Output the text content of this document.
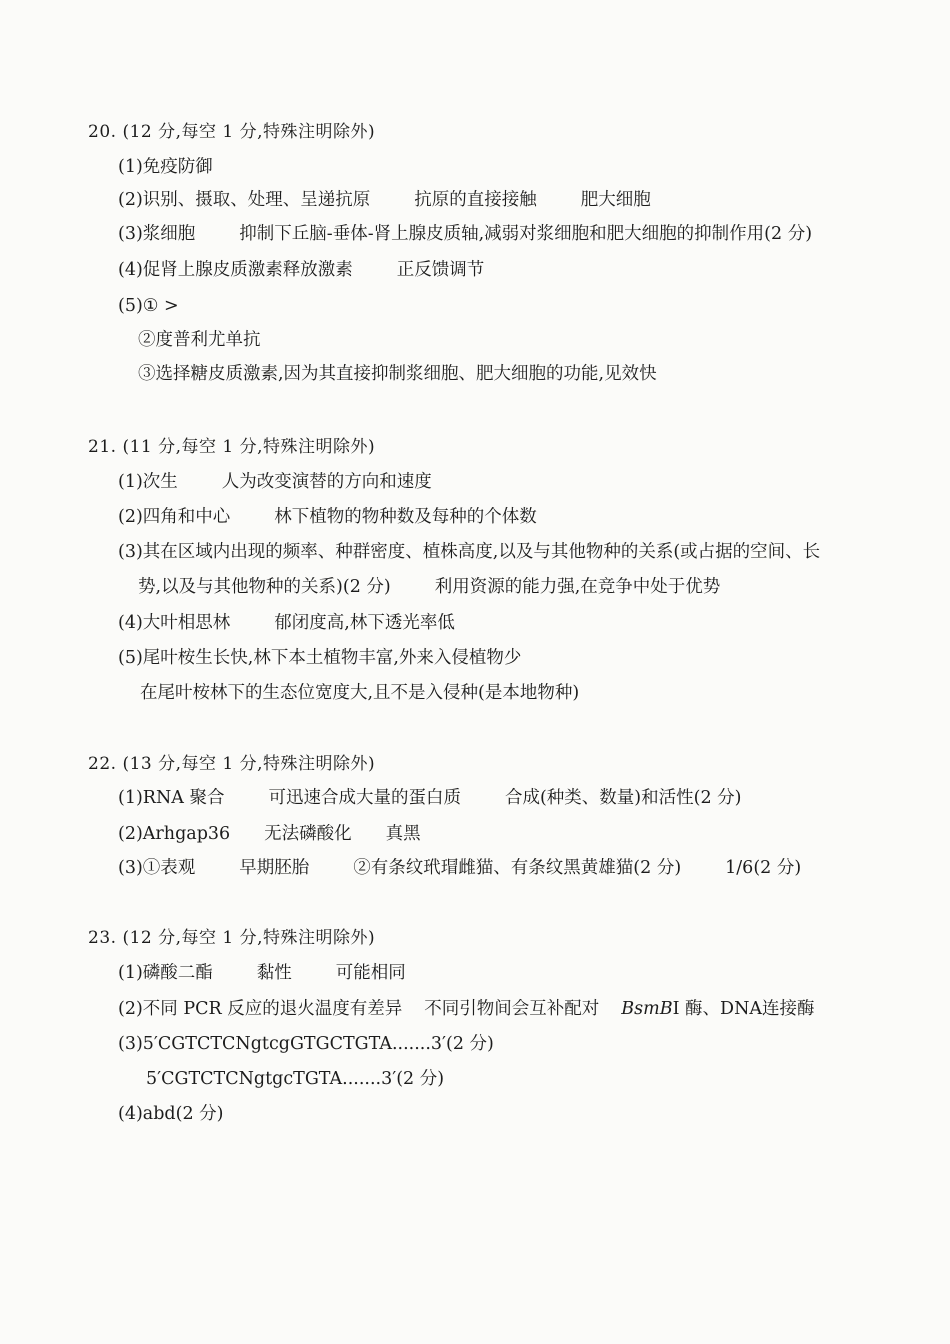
20. (12 分,每空 1 分,特殊注明除外)
(1)免疫防御
(2)识别、摄取、处理、呈递抗原	抗原的直接接触	肥大细胞
(3)浆细胞	抑制下丘脑-垂体-肾上腺皮质轴,减弱对浆细胞和肥大细胞的抑制作用(2 分)
(4)促肾上腺皮质激素释放激素	正反馈调节
(5)① >
②度普利尤单抗
③选择糖皮质激素,因为其直接抑制浆细胞、肥大细胞的功能,见效快
21. (11 分,每空 1 分,特殊注明除外)
(1)次生	人为改变演替的方向和速度
(2)四角和中心	林下植物的物种数及每种的个体数
(3)其在区域内出现的频率、种群密度、植株高度,以及与其他物种的关系(或占据的空间、长
势,以及与其他物种的关系)(2 分)	利用资源的能力强,在竞争中处于优势
(4)大叶相思林	郁闭度高,林下透光率低
(5)尾叶桉生长快,林下本土植物丰富,外来入侵植物少
在尾叶桉林下的生态位宽度大,且不是入侵种(是本地物种)
22. (13 分,每空 1 分,特殊注明除外)
(1)RNA 聚合	可迅速合成大量的蛋白质	合成(种类、数量)和活性(2 分)
(2)Arhgap36 无法磷酸化 真黑
(3)①表观	早期胚胎	②有条纹玳瑁雌猫、有条纹黑黄雄猫(2 分)	1/6(2 分)
23. (12 分,每空 1 分,特殊注明除外)
(1)磷酸二酯	黏性	可能相同
(2)不同 PCR 反应的退火温度有差异 不同引物间会互补配对 BsmBI 酶、DNA连接酶
(3)5′CGTCTCNgtcgGTGCTGTA.......3′(2 分)
5′CGTCTCNgtgcTGTA.......3′(2 分)
(4)abd(2 分)
